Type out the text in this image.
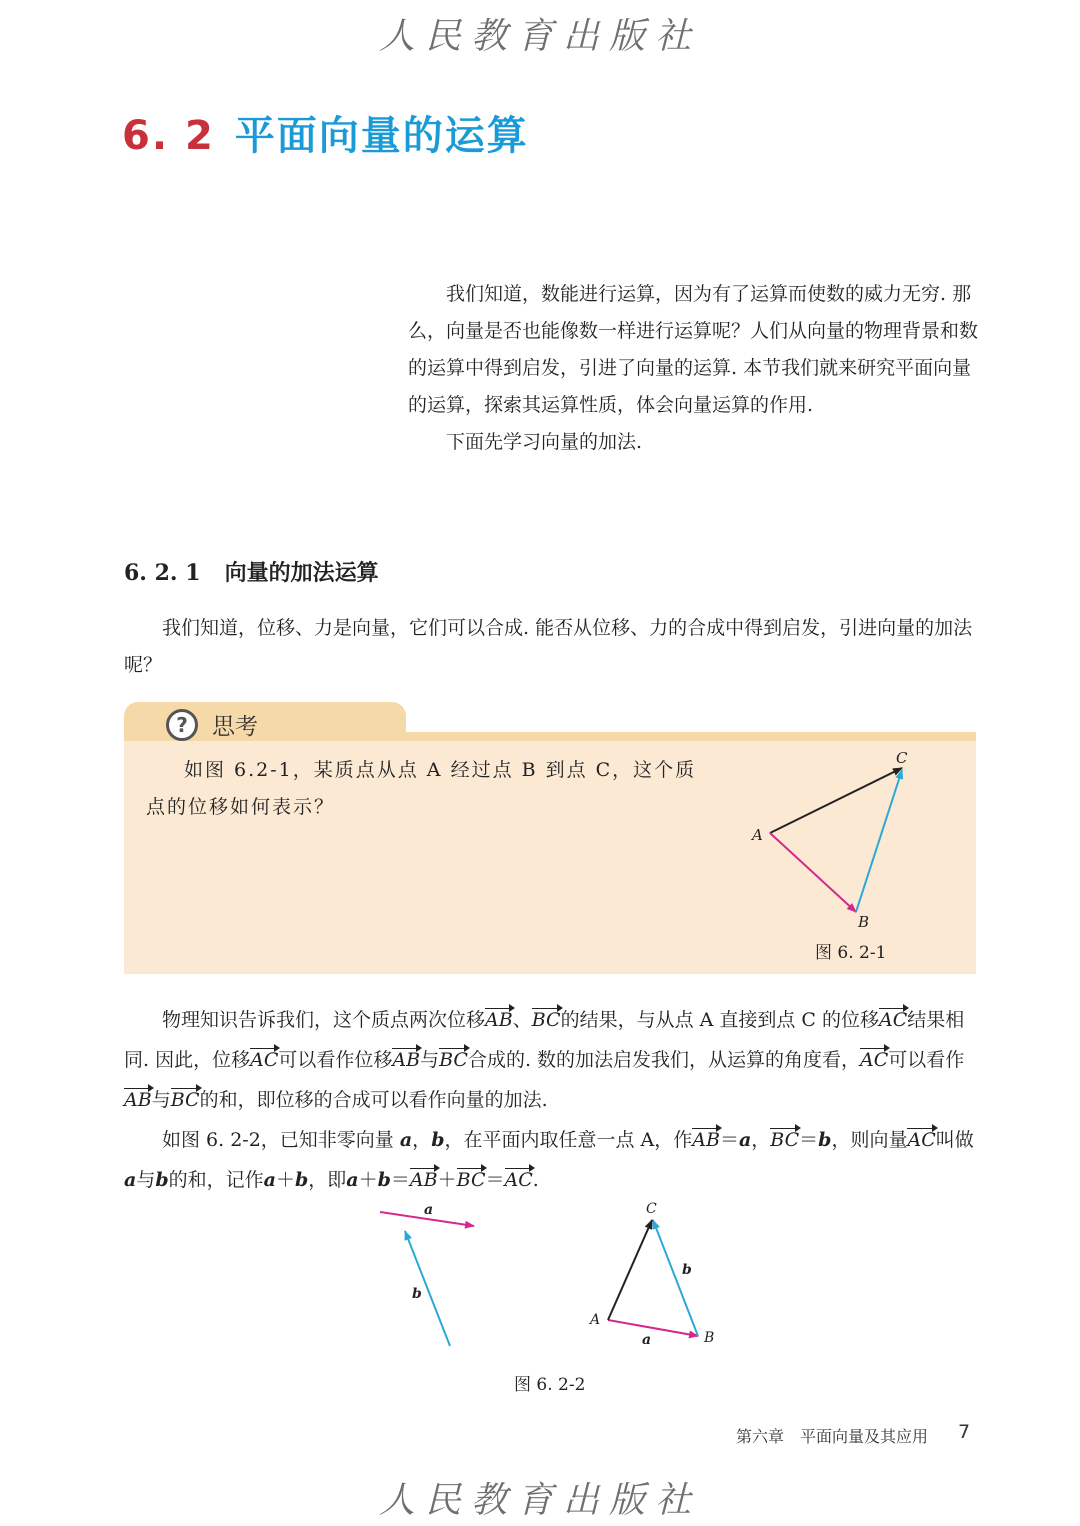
人民教育出版社
6. 2 平面向量的运算

我们知道，数能进行运算，因为有了运算而使数的威力无穷. 那么，向量是否也能像数一样进行运算呢？人们从向量的物理背景和数的运算中得到启发，引进了向量的运算. 本节我们就来研究平面向量的运算，探索其运算性质，体会向量运算的作用.

下面先学习向量的加法.

6. 2. 1 向量的加法运算

我们知道，位移、力是向量，它们可以合成. 能否从位移、力的合成中得到启发，引进向量的加法呢？

?	思考

如图 6.2-1，某质点从点 A 经过点 B 到点 C，这个质点的位移如何表示？

A
B
C
图 6. 2-1

物理知识告诉我们，这个质点两次位移AB、BC的结果，与从点 A 直接到点 C 的位移AC结果相同. 因此，位移AC可以看作位移AB与BC合成的. 数的加法启发我们，从运算的角度看，AC可以看作AB与BC的和，即位移的合成可以看作向量的加法.
如图 6. 2-2，已知非零向量 a，b，在平面内取任意一点 A，作AB＝a，BC＝b，则向量AC叫做a与b的和，记作a＋b，即a＋b＝AB＋BC＝AC.

a
b
A
B
C
a
b
图 6. 2-2
第六章　平面向量及其应用 7
人民教育出版社
